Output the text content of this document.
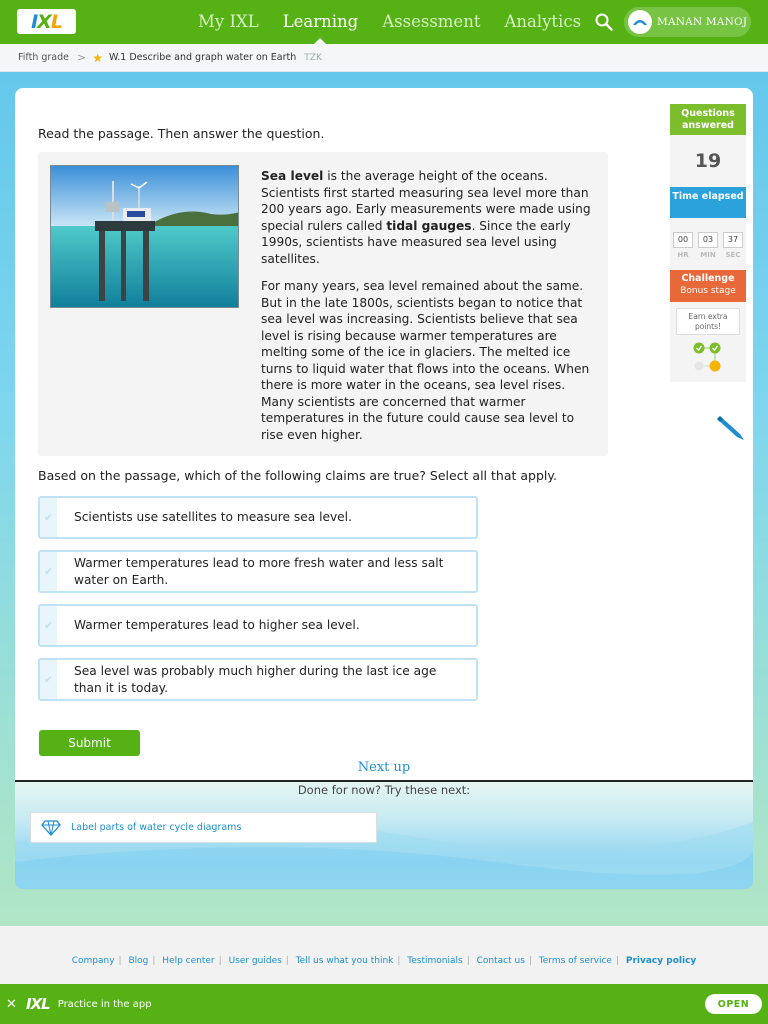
IXL	My IXL Learning Assessment Analytics	MANAN MANOJ
Fifth grade > ★ W.1 Describe and graph water on Earth TZK
Read the passage. Then answer the question.

Sea level is the average height of the oceans. Scientists first started measuring sea level more than 200 years ago. Early measurements were made using special rulers called tidal gauges. Since the early 1990s, scientists have measured sea level using satellites.

For many years, sea level remained about the same. But in the late 1800s, scientists began to notice that sea level was increasing. Scientists believe that sea level is rising because warmer temperatures are melting some of the ice in glaciers. The melted ice turns to liquid water that flows into the oceans. When there is more water in the oceans, sea level rises. Many scientists are concerned that warmer temperatures in the future could cause sea level to rise even higher.

Based on the passage, which of the following claims are true? Select all that apply.
✔	Scientists use satellites to measure sea level.
✔
Warmer temperatures lead to more fresh water and less salt water on Earth.
✔	Warmer temperatures lead to higher sea level.
✔
Sea level was probably much higher during the last ice age than it is today.
Submit
Questions answered
19
Time elapsed
00	03	37
HR	MIN	SEC
Challenge
Bonus stage
Earn extra points!
Next up
Done for now? Try these next:
Label parts of water cycle diagrams
Company | Blog | Help center | User guides | Tell us what you think | Testimonials | Contact us | Terms of service | Privacy policy
✕ IXL Practice in the app	OPEN
